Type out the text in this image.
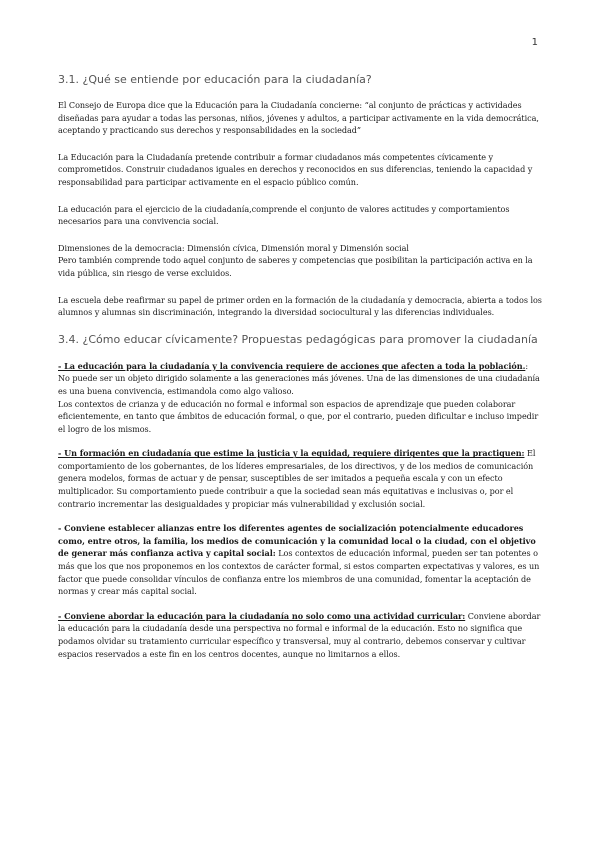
1
3.1. ¿Qué se entiende por educación para la ciudadanía?

El Consejo de Europa dice que la Educación para la Ciudadanía concierne: “al conjunto de prácticas y actividades diseñadas para ayudar a todas las personas, niños, jóvenes y adultos, a participar activamente en la vida democrática, aceptando y practicando sus derechos y responsabilidades en la sociedad”

La Educación para la Ciudadanía pretende contribuir a formar ciudadanos más competentes cívicamente y comprometidos. Construir ciudadanos iguales en derechos y reconocidos en sus diferencias, teniendo la capacidad y responsabilidad para participar activamente en el espacio público común.

La educación para el ejercicio de la ciudadanía,comprende el conjunto de valores actitudes y comportamientos necesarios para una convivencia social.

Dimensiones de la democracia: Dimensión cívica, Dimensión moral y Dimensión social
Pero también comprende todo aquel conjunto de saberes y competencias que posibilitan la participación activa en la vida pública, sin riesgo de verse excluidos.

La escuela debe reafirmar su papel de primer orden en la formación de la ciudadanía y democracia, abierta a todos los alumnos y alumnas sin discriminación, integrando la diversidad sociocultural y las diferencias individuales.

3.4. ¿Cómo educar cívicamente? Propuestas pedagógicas para promover la ciudadanía

- La educación para la ciudadanía y la convivencia requiere de acciones que afecten a toda la población.: No puede ser un objeto dirigido solamente a las generaciones más jóvenes. Una de las dimensiones de una ciudadanía es una buena convivencia, estimandola como algo valioso.
Los contextos de crianza y de educación no formal e informal son espacios de aprendizaje que pueden colaborar eficientemente, en tanto que ámbitos de educación formal, o que, por el contrario, pueden dificultar e incluso impedir el logro de los mismos.

- Un formación en ciudadanía que estime la justicia y la equidad, requiere dirigentes que la practiquen: El comportamiento de los gobernantes, de los líderes empresariales, de los directivos, y de los medios de comunicación genera modelos, formas de actuar y de pensar, susceptibles de ser imitados a pequeña escala y con un efecto multiplicador. Su comportamiento puede contribuir a que la sociedad sean más equitativas e inclusivas o, por el contrario incrementar las desigualdades y propiciar más vulnerabilidad y exclusión social.

- Conviene establecer alianzas entre los diferentes agentes de socialización potencialmente educadores como, entre otros, la familia, los medios de comunicación y la comunidad local o la ciudad, con el objetivo de generar más confianza activa y capital social: Los contextos de educación informal, pueden ser tan potentes o más que los que nos proponemos en los contextos de carácter formal, si estos comparten expectativas y valores, es un factor que puede consolidar vínculos de confianza entre los miembros de una comunidad, fomentar la aceptación de normas y crear más capital social.

- Conviene abordar la educación para la ciudadanía no solo como una actividad curricular: Conviene abordar la educación para la ciudadanía desde una perspectiva no formal e informal de la educación. Esto no significa que podamos olvidar su tratamiento curricular específico y transversal, muy al contrario, debemos conservar y cultivar espacios reservados a este fin en los centros docentes, aunque no limitarnos a ellos.
